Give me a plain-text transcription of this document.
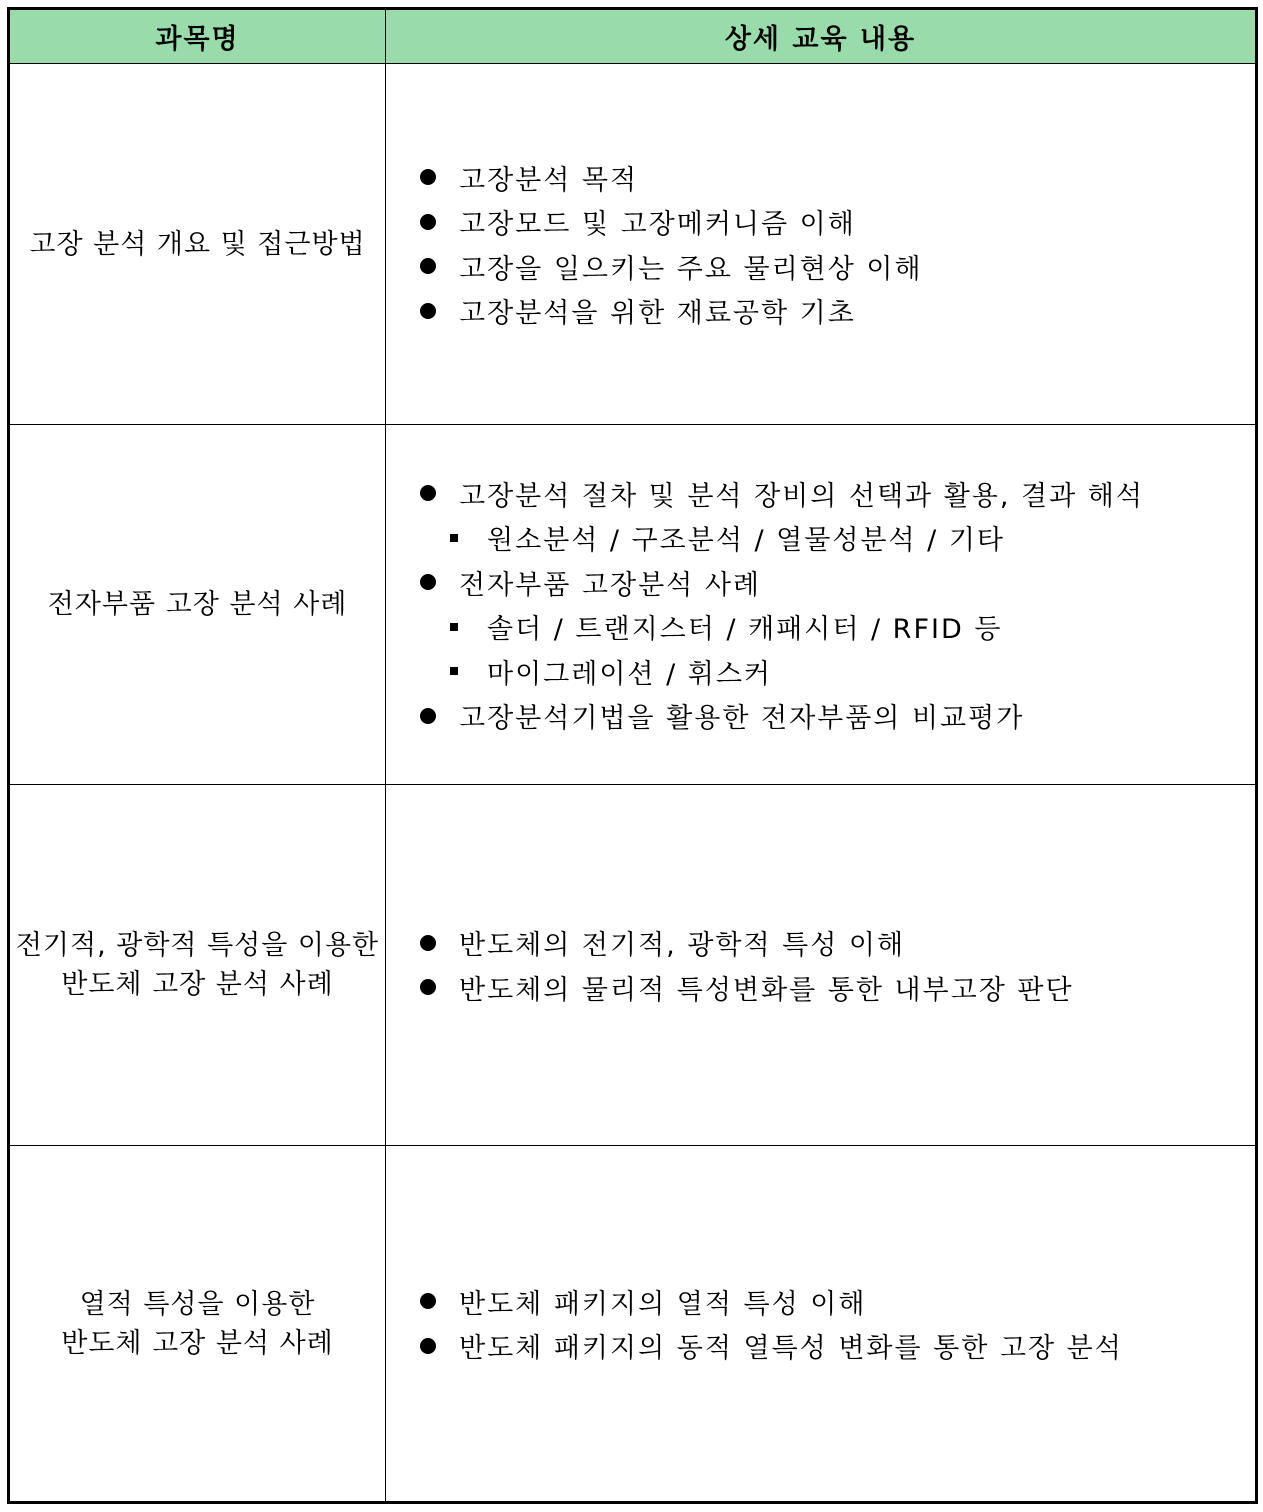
과목명	상세 교육 내용
고장 분석 개요 및 접근방법
고장분석 목적
고장모드 및 고장메커니즘 이해
고장을 일으키는 주요 물리현상 이해
고장분석을 위한 재료공학 기초
전자부품 고장 분석 사례
고장분석 절차 및 분석 장비의 선택과 활용, 결과 해석
원소분석 / 구조분석 / 열물성분석 / 기타
전자부품 고장분석 사례
솔더 / 트랜지스터 / 캐패시터 / RFID 등
마이그레이션 / 휘스커
고장분석기법을 활용한 전자부품의 비교평가
전기적, 광학적 특성을 이용한
반도체 고장 분석 사례
반도체의 전기적, 광학적 특성 이해
반도체의 물리적 특성변화를 통한 내부고장 판단
열적 특성을 이용한
반도체 고장 분석 사례
반도체 패키지의 열적 특성 이해
반도체 패키지의 동적 열특성 변화를 통한 고장 분석
